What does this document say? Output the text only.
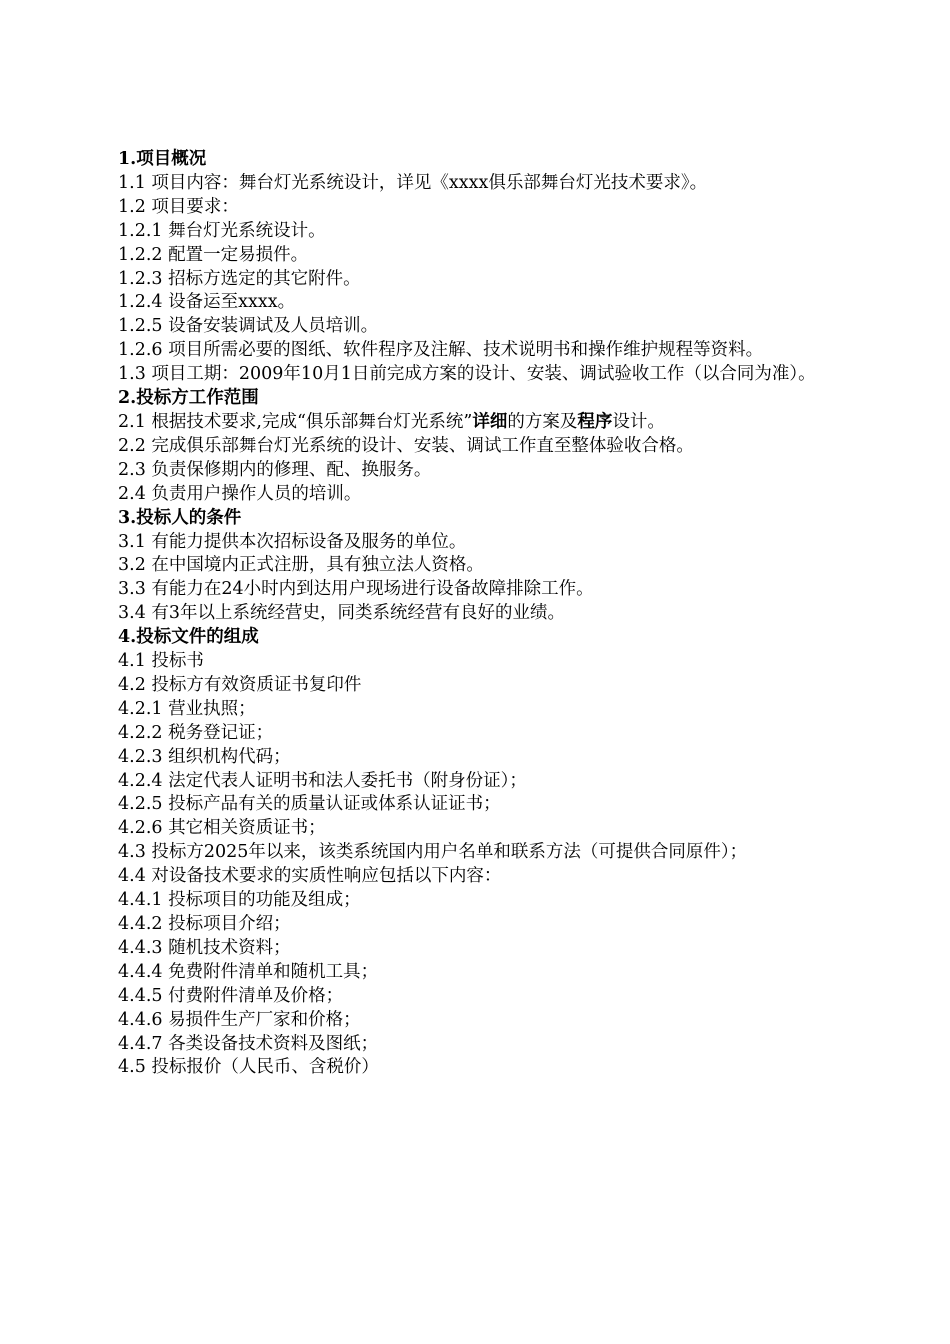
1.项目概况
1.1 项目内容：舞台灯光系统设计，详见《xxxx俱乐部舞台灯光技术要求》。
1.2 项目要求：
1.2.1 舞台灯光系统设计。
1.2.2 配置一定易损件。
1.2.3 招标方选定的其它附件。
1.2.4 设备运至xxxx。
1.2.5 设备安装调试及人员培训。
1.2.6 项目所需必要的图纸、软件程序及注解、技术说明书和操作维护规程等资料。
1.3 项目工期：2009年10月1日前完成方案的设计、安装、调试验收工作（以合同为准）。
2.投标方工作范围
2.1 根据技术要求,完成“俱乐部舞台灯光系统”详细的方案及程序设计。
2.2 完成俱乐部舞台灯光系统的设计、安装、调试工作直至整体验收合格。
2.3 负责保修期内的修理、配、换服务。
2.4 负责用户操作人员的培训。
3.投标人的条件
3.1 有能力提供本次招标设备及服务的单位。
3.2 在中国境内正式注册，具有独立法人资格。
3.3 有能力在24小时内到达用户现场进行设备故障排除工作。
3.4 有3年以上系统经营史，同类系统经营有良好的业绩。
4.投标文件的组成
4.1 投标书
4.2 投标方有效资质证书复印件
4.2.1 营业执照；
4.2.2 税务登记证；
4.2.3 组织机构代码；
4.2.4 法定代表人证明书和法人委托书（附身份证）；
4.2.5 投标产品有关的质量认证或体系认证证书；
4.2.6 其它相关资质证书；
4.3 投标方2025年以来，该类系统国内用户名单和联系方法（可提供合同原件）；
4.4 对设备技术要求的实质性响应包括以下内容：
4.4.1 投标项目的功能及组成；
4.4.2 投标项目介绍；
4.4.3 随机技术资料；
4.4.4 免费附件清单和随机工具；
4.4.5 付费附件清单及价格；
4.4.6 易损件生产厂家和价格；
4.4.7 各类设备技术资料及图纸；
4.5 投标报价（人民币、含税价）
